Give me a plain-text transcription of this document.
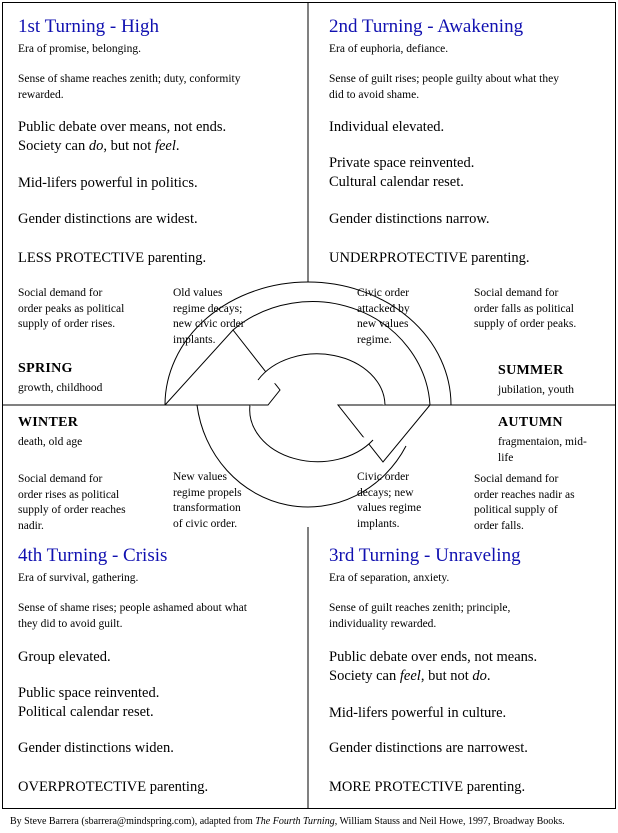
1st Turning - High
Era of promise, belonging.
Sense of shame reaches zenith; duty, conformity
rewarded.
Public debate over means, not ends.
Society can do, but not feel.
Mid-lifers powerful in politics.
Gender distinctions are widest.
LESS PROTECTIVE parenting.
2nd Turning - Awakening
Era of euphoria, defiance.
Sense of guilt rises; people guilty about what they
did to avoid shame.
Individual elevated.
Private space reinvented.
Cultural calendar reset.
Gender distinctions narrow.
UNDERPROTECTIVE parenting.
Social demand for
order peaks as political
supply of order rises.
Old values
regime decays;
new civic order
implants.
Civic order
attacked by
new values
regime.
Social demand for
order falls as political
supply of order peaks.
SPRING
growth, childhood
SUMMER
jubilation, youth
WINTER
death, old age
AUTUMN
fragmentaion, mid-
life
Social demand for
order rises as political
supply of order reaches
nadir.
New values
regime propels
transformation
of civic order.
Civic order
decays; new
values regime
implants.
Social demand for
order reaches nadir as
political supply of
order falls.
4th Turning - Crisis
Era of survival, gathering.
Sense of shame rises; people ashamed about what
they did to avoid guilt.
Group elevated.
Public space reinvented.
Political calendar reset.
Gender distinctions widen.
OVERPROTECTIVE parenting.
3rd Turning - Unraveling
Era of separation, anxiety.
Sense of guilt reaches zenith; principle,
individuality rewarded.
Public debate over ends, not means.
Society can feel, but not do.
Mid-lifers powerful in culture.
Gender distinctions are narrowest.
MORE PROTECTIVE parenting.
By Steve Barrera (sbarrera@mindspring.com), adapted from The Fourth Turning, William Stauss and Neil Howe, 1997, Broadway Books.
